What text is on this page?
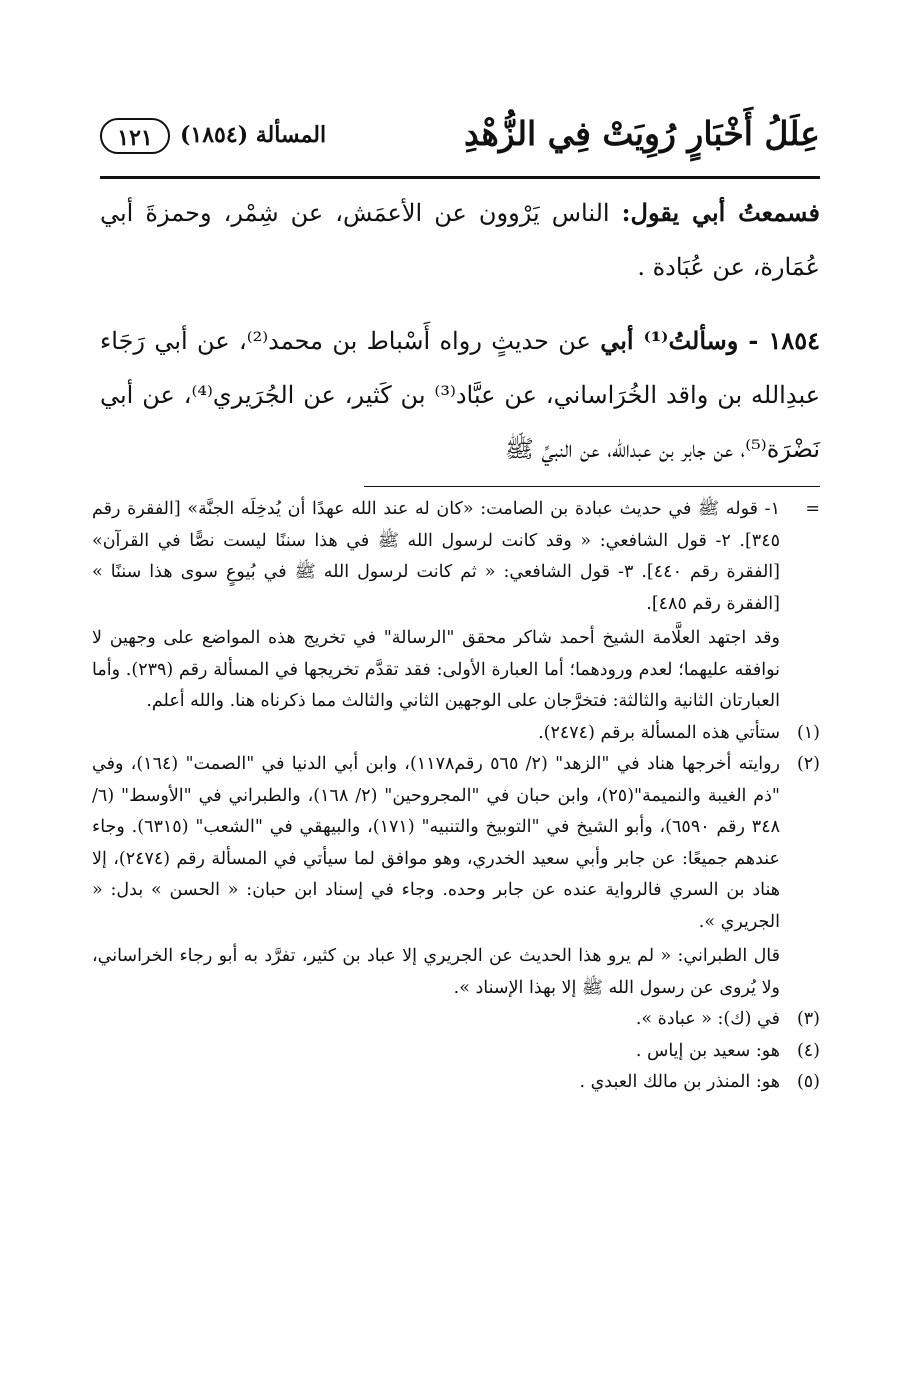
عِلَلُ أَخْبَارٍ رُوِيَتْ فِي الزُّهْدِ
المسألة (١٨٥٤)
١٢١

فسمعتُ أبي يقول: الناس يَرْوون عن الأعمَش، عن شِمْر، وحمزةَ أبي عُمَارة، عن عُبَادة .

١٨٥٤ - وسألتُ⁽¹⁾ أبي عن حديثٍ رواه أَسْباط بن محمد⁽²⁾، عن أبي رَجَاء عبدِالله بن واقد الخُرَاساني، عن عبَّاد⁽³⁾ بن كَثير، عن الجُرَيري⁽⁴⁾، عن أبي نَضْرَة⁽⁵⁾، عن جابر بن عبدالله، عن النبيِّ ﷺ

=

١- قوله ﷺ في حديث عبادة بن الصامت: «كان له عند الله عهدًا أن يُدخِلَه الجنَّة» [الفقرة رقم ٣٤٥]. ٢- قول الشافعي: « وقد كانت لرسول الله ﷺ في هذا سننًا ليست نصًّا في القرآن» [الفقرة رقم ٤٤٠]. ٣- قول الشافعي: « ثم كانت لرسول الله ﷺ في بُيوعٍ سوى هذا سننًا » [الفقرة رقم ٤٨٥].

وقد اجتهد العلَّامة الشيخ أحمد شاكر محقق "الرسالة" في تخريج هذه المواضع على وجهين لا نوافقه عليهما؛ لعدم ورودهما؛ أما العبارة الأولى: فقد تقدَّم تخريجها في المسألة رقم (٢٣٩). وأما العبارتان الثانية والثالثة: فتخرَّجان على الوجهين الثاني والثالث مما ذكرناه هنا. والله أعلم.

(١)

ستأتي هذه المسألة برقم (٢٤٧٤).

(٢)

روايته أخرجها هناد في "الزهد" (٢/ ٥٦٥ رقم١١٧٨)، وابن أبي الدنيا في "الصمت" (١٦٤)، وفي "ذم الغيبة والنميمة"(٢٥)، وابن حبان في "المجروحين" (٢/ ١٦٨)، والطبراني في "الأوسط" (٦/ ٣٤٨ رقم ٦٥٩٠)، وأبو الشيخ في "التوبيخ والتنبيه" (١٧١)، والبيهقي في "الشعب" (٦٣١٥). وجاء عندهم جميعًا: عن جابر وأبي سعيد الخدري، وهو موافق لما سيأتي في المسألة رقم (٢٤٧٤)، إلا هناد بن السري فالرواية عنده عن جابر وحده. وجاء في إسناد ابن حبان: « الحسن » بدل: « الجريري ».

قال الطبراني: « لم يرو هذا الحديث عن الجريري إلا عباد بن كثير، تفرَّد به أبو رجاء الخراساني، ولا يُروى عن رسول الله ﷺ إلا بهذا الإسناد ».

(٣)

في (ك): « عبادة ».

(٤)

هو: سعيد بن إياس .

(٥)

هو: المنذر بن مالك العبدي .
